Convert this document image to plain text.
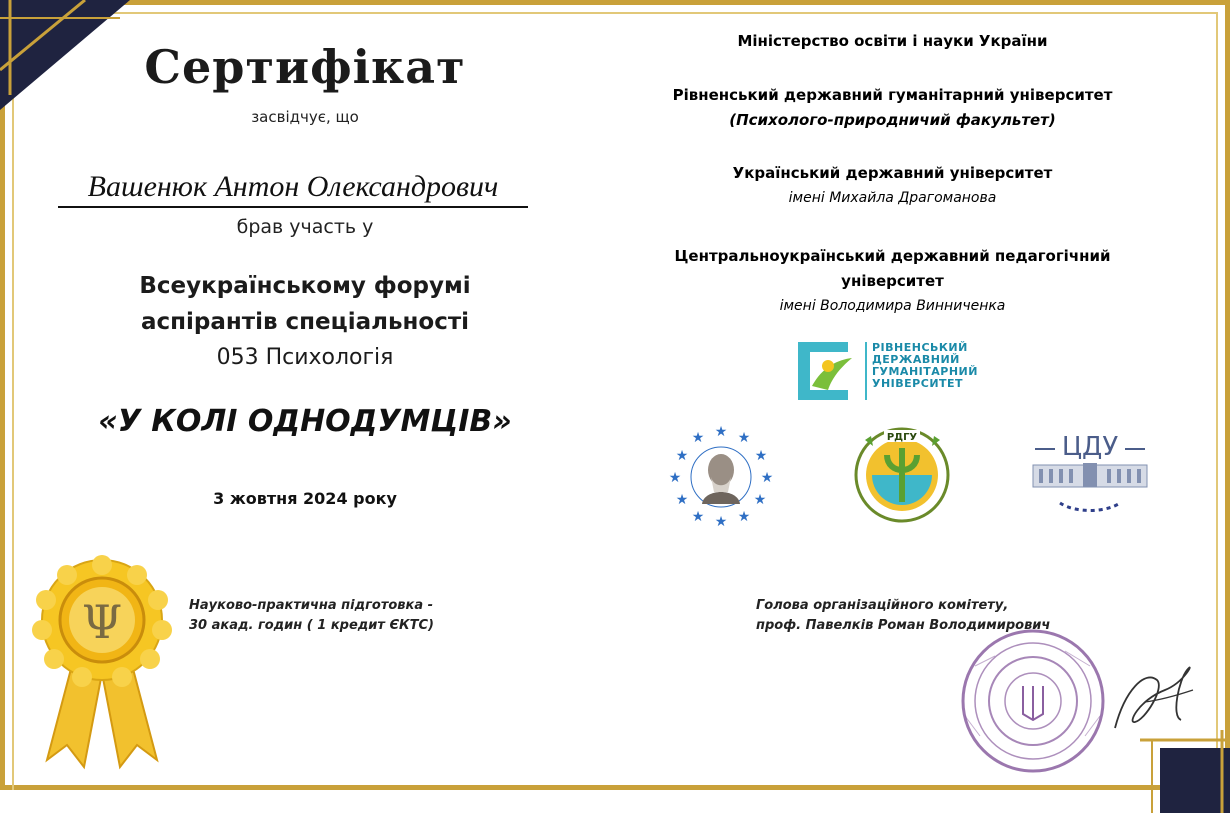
Сертифікат
засвідчує, що
Вашенюк Антон Олександрович
брав участь у
Всеукраїнському форумі
аспірантів спеціальності
053 Психологія
«У КОЛІ ОДНОДУМЦІВ»
3 жовтня 2024 року
Ψ	Науково-практична підготовка -
30 акад. годин ( 1 кредит ЄКТС)
Міністерство освіти і науки України
Рівненський державний гуманітарний університет
(Психолого-природничий факультет)
Український державний університет
імені Михайла Драгоманова
Центральноукраїнський державний педагогічний
університет
імені Володимира Винниченка
РІВНЕНСЬКИЙ
ДЕРЖАВНИЙ
ГУМАНІТАРНИЙ
УНІВЕРСИТЕТ
★ ★
★
★
★
★
★
★
★
★
★
★	РДГУ	ЦДУ
Голова організаційного комітету,
проф. Павелків Роман Володимирович
